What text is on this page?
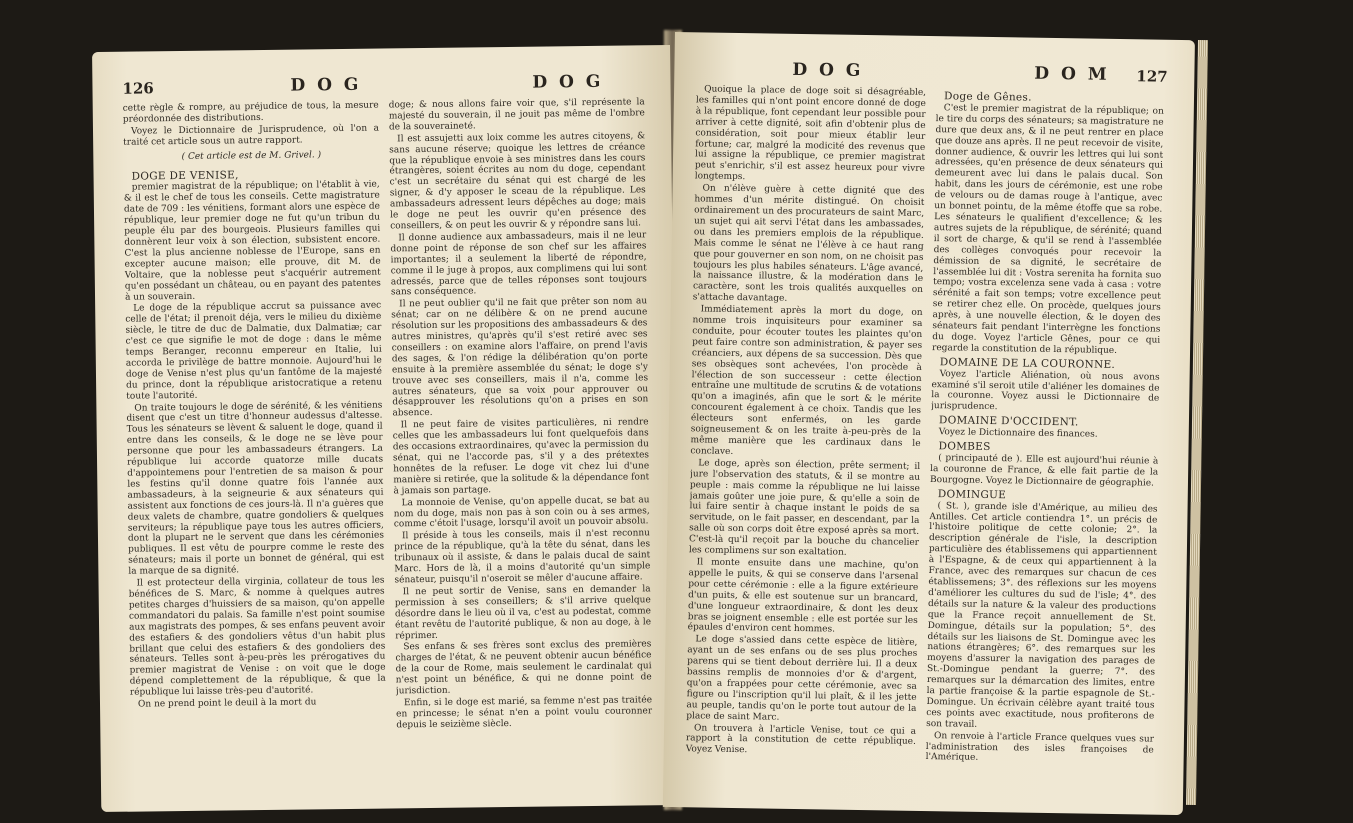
126	D O G	D O G

cette règle & rompre, au préjudice de tous, la mesure préordonnée des distributions.

Voyez le Dictionnaire de Jurisprudence, où l'on a traité cet article sous un autre rapport.

( Cet article est de M. Grivel. )

DOGE DE VENISE,

premier magistrat de la république; on l'établit à vie, & il est le chef de tous les conseils. Cette magistrature date de 709 : les vénitiens, formant alors une espèce de république, leur premier doge ne fut qu'un tribun du peuple élu par des bourgeois. Plusieurs familles qui donnèrent leur voix à son élection, subsistent encore. C'est la plus ancienne noblesse de l'Europe, sans en excepter aucune maison; elle prouve, dit M. de Voltaire, que la noblesse peut s'acquérir autrement qu'en possédant un château, ou en payant des patentes à un souverain.

Le doge de la république accrut sa puissance avec celle de l'état; il prenoit déja, vers le milieu du dixième siècle, le titre de duc de Dalmatie, dux Dalmatiæ; car c'est ce que signifie le mot de doge : dans le même temps Beranger, reconnu empereur en Italie, lui accorda le privilège de battre monnoie. Aujourd'hui le doge de Venise n'est plus qu'un fantôme de la majesté du prince, dont la république aristocratique a retenu toute l'autorité.

On traite toujours le doge de sérénité, & les vénitiens disent que c'est un titre d'honneur audessus d'altesse. Tous les sénateurs se lèvent & saluent le doge, quand il entre dans les conseils, & le doge ne se lève pour personne que pour les ambassadeurs étrangers. La république lui accorde quatorze mille ducats d'appointemens pour l'entretien de sa maison & pour les festins qu'il donne quatre fois l'année aux ambassadeurs, à la seigneurie & aux sénateurs qui assistent aux fonctions de ces jours-là. Il n'a guères que deux valets de chambre, quatre gondoliers & quelques serviteurs; la république paye tous les autres officiers, dont la plupart ne le servent que dans les cérémonies publiques. Il est vêtu de pourpre comme le reste des sénateurs; mais il porte un bonnet de général, qui est la marque de sa dignité.

Il est protecteur della virginia, collateur de tous les bénéfices de S. Marc, & nomme à quelques autres petites charges d'huissiers de sa maison, qu'on appelle commandatori du palais. Sa famille n'est point soumise aux magistrats des pompes, & ses enfans peuvent avoir des estafiers & des gondoliers vêtus d'un habit plus brillant que celui des estafiers & des gondoliers des sénateurs. Telles sont à-peu-près les prérogatives du premier magistrat de Venise : on voit que le doge dépend complettement de la république, & que la république lui laisse très-peu d'autorité.

On ne prend point le deuil à la mort du

doge; & nous allons faire voir que, s'il représente la majesté du souverain, il ne jouit pas même de l'ombre de la souveraineté.

Il est assujetti aux loix comme les autres citoyens, & sans aucune réserve; quoique les lettres de créance que la république envoie à ses ministres dans les cours étrangères, soient écrites au nom du doge, cependant c'est un secrétaire du sénat qui est chargé de les signer, & d'y apposer le sceau de la république. Les ambassadeurs adressent leurs dépêches au doge; mais le doge ne peut les ouvrir qu'en présence des conseillers, & on peut les ouvrir & y répondre sans lui.

Il donne audience aux ambassadeurs, mais il ne leur donne point de réponse de son chef sur les affaires importantes; il a seulement la liberté de répondre, comme il le juge à propos, aux complimens qui lui sont adressés, parce que de telles réponses sont toujours sans conséquence.

Il ne peut oublier qu'il ne fait que prêter son nom au sénat; car on ne délibère & on ne prend aucune résolution sur les propositions des ambassadeurs & des autres ministres, qu'après qu'il s'est retiré avec ses conseillers : on examine alors l'affaire, on prend l'avis des sages, & l'on rédige la délibération qu'on porte ensuite à la première assemblée du sénat; le doge s'y trouve avec ses conseillers, mais il n'a, comme les autres sénateurs, que sa voix pour approuver ou désapprouver les résolutions qu'on a prises en son absence.

Il ne peut faire de visites particulières, ni rendre celles que les ambassadeurs lui font quelquefois dans des occasions extraordinaires, qu'avec la permission du sénat, qui ne l'accorde pas, s'il y a des prétextes honnêtes de la refuser. Le doge vit chez lui d'une manière si retirée, que la solitude & la dépendance font à jamais son partage.

La monnoie de Venise, qu'on appelle ducat, se bat au nom du doge, mais non pas à son coin ou à ses armes, comme c'étoit l'usage, lorsqu'il avoit un pouvoir absolu.

Il préside à tous les conseils, mais il n'est reconnu prince de la république, qu'à la tête du sénat, dans les tribunaux où il assiste, & dans le palais ducal de saint Marc. Hors de là, il a moins d'autorité qu'un simple sénateur, puisqu'il n'oseroit se mêler d'aucune affaire.

Il ne peut sortir de Venise, sans en demander la permission à ses conseillers; & s'il arrive quelque désordre dans le lieu où il va, c'est au podestat, comme étant revêtu de l'autorité publique, & non au doge, à le réprimer.

Ses enfans & ses frères sont exclus des premières charges de l'état, & ne peuvent obtenir aucun bénéfice de la cour de Rome, mais seulement le cardinalat qui n'est point un bénéfice, & qui ne donne point de jurisdiction.

Enfin, si le doge est marié, sa femme n'est pas traitée en princesse; le sénat n'en a point voulu couronner depuis le seizième siècle.

D O G	D O M 127

Quoique la place de doge soit si désagréable, les familles qui n'ont point encore donné de doge à la république, font cependant leur possible pour arriver à cette dignité, soit afin d'obtenir plus de considération, soit pour mieux établir leur fortune; car, malgré la modicité des revenus que lui assigne la république, ce premier magistrat peut s'enrichir, s'il est assez heureux pour vivre longtemps.

On n'élève guère à cette dignité que des hommes d'un mérite distingué. On choisit ordinairement un des procurateurs de saint Marc, un sujet qui ait servi l'état dans les ambassades, ou dans les premiers emplois de la république. Mais comme le sénat ne l'élève à ce haut rang que pour gouverner en son nom, on ne choisit pas toujours les plus habiles sénateurs. L'âge avancé, la naissance illustre, & la modération dans le caractère, sont les trois qualités auxquelles on s'attache davantage.

Immédiatement après la mort du doge, on nomme trois inquisiteurs pour examiner sa conduite, pour écouter toutes les plaintes qu'on peut faire contre son administration, & payer ses créanciers, aux dépens de sa succession. Dès que ses obsèques sont achevées, l'on procède à l'élection de son successeur : cette élection entraîne une multitude de scrutins & de votations qu'on a imaginés, afin que le sort & le mérite concourent également à ce choix. Tandis que les électeurs sont enfermés, on les garde soigneusement & on les traite à-peu-près de la même manière que les cardinaux dans le conclave.

Le doge, après son élection, prête serment; il jure l'observation des statuts, & il se montre au peuple : mais comme la république ne lui laisse jamais goûter une joie pure, & qu'elle a soin de lui faire sentir à chaque instant le poids de sa servitude, on le fait passer, en descendant, par la salle où son corps doit être exposé après sa mort. C'est-là qu'il reçoit par la bouche du chancelier les complimens sur son exaltation.

Il monte ensuite dans une machine, qu'on appelle le puits, & qui se conserve dans l'arsenal pour cette cérémonie : elle a la figure extérieure d'un puits, & elle est soutenue sur un brancard, d'une longueur extraordinaire, & dont les deux bras se joignent ensemble : elle est portée sur les épaules d'environ cent hommes.

Le doge s'assied dans cette espèce de litière, ayant un de ses enfans ou de ses plus proches parens qui se tient debout derrière lui. Il a deux bassins remplis de monnoies d'or & d'argent, qu'on a frappées pour cette cérémonie, avec sa figure ou l'inscription qu'il lui plaît, & il les jette au peuple, tandis qu'on le porte tout autour de la place de saint Marc.

On trouvera à l'article Venise, tout ce qui a rapport à la constitution de cette république. Voyez Venise.

Doge de Gênes.

C'est le premier magistrat de la république; on le tire du corps des sénateurs; sa magistrature ne dure que deux ans, & il ne peut rentrer en place que douze ans après. Il ne peut recevoir de visite, donner audience, & ouvrir les lettres qui lui sont adressées, qu'en présence de deux sénateurs qui demeurent avec lui dans le palais ducal. Son habit, dans les jours de cérémonie, est une robe de velours ou de damas rouge à l'antique, avec un bonnet pointu, de la même étoffe que sa robe. Les sénateurs le qualifient d'excellence; & les autres sujets de la république, de sérénité; quand il sort de charge, & qu'il se rend à l'assemblée des collèges convoqués pour recevoir la démission de sa dignité, le secrétaire de l'assemblée lui dit : Vostra serenita ha fornita suo tempo; vostra excelenza sene vada à casa : votre sérénité a fait son temps; votre excellence peut se retirer chez elle. On procède, quelques jours après, à une nouvelle élection, & le doyen des sénateurs fait pendant l'interrègne les fonctions du doge. Voyez l'article Gênes, pour ce qui regarde la constitution de la république.

DOMAINE DE LA COURONNE.

Voyez l'article Aliénation, où nous avons examiné s'il seroit utile d'aliéner les domaines de la couronne. Voyez aussi le Dictionnaire de jurisprudence.

DOMAINE D'OCCIDENT.

Voyez le Dictionnaire des finances.

DOMBES

( principauté de ). Elle est aujourd'hui réunie à la couronne de France, & elle fait partie de la Bourgogne. Voyez le Dictionnaire de géographie.

DOMINGUE

( St. ), grande isle d'Amérique, au milieu des Antilles. Cet article contiendra 1°. un précis de l'histoire politique de cette colonie; 2°. la description générale de l'isle, la description particulière des établissemens qui appartiennent à l'Espagne, & de ceux qui appartiennent à la France, avec des remarques sur chacun de ces établissemens; 3°. des réflexions sur les moyens d'améliorer les cultures du sud de l'isle; 4°. des détails sur la nature & la valeur des productions que la France reçoit annuellement de St. Domingue, détails sur la population; 5°. des détails sur les liaisons de St. Domingue avec les nations étrangères; 6°. des remarques sur les moyens d'assurer la navigation des parages de St.-Domingue pendant la guerre; 7°. des remarques sur la démarcation des limites, entre la partie françoise & la partie espagnole de St.-Domingue. Un écrivain célèbre ayant traité tous ces points avec exactitude, nous profiterons de son travail.

On renvoie à l'article France quelques vues sur l'administration des isles françoises de l'Amérique.
